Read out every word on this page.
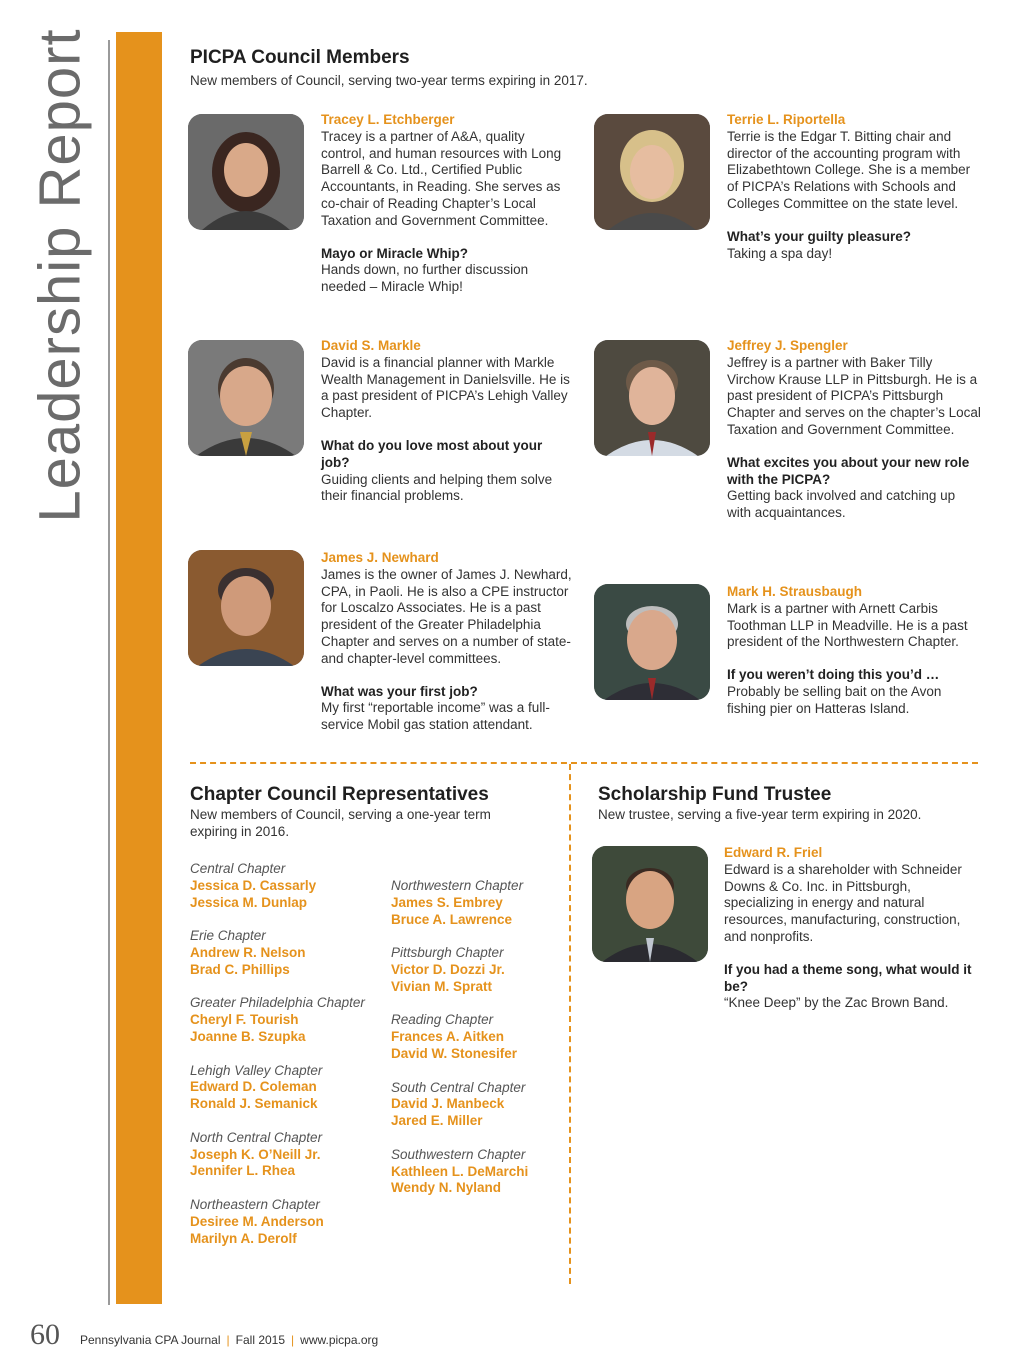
Leadership Report	PICPA Council Members
New members of Council, serving two-year terms expiring in 2017.
Tracey L. Etchberger
Tracey is a partner of A&A, quality control, and human resources with Long Barrell & Co. Ltd., Certified Public Accountants, in Reading. She serves as co-chair of Reading Chapter’s Local Taxation and Government Committee.
Mayo or Miracle Whip?
Hands down, no further discussion needed – Miracle Whip!
Terrie L. Riportella
Terrie is the Edgar T. Bitting chair and director of the accounting program with Elizabethtown College. She is a member of PICPA’s Relations with Schools and Colleges Committee on the state level.
What’s your guilty pleasure?
Taking a spa day!
David S. Markle
David is a financial planner with Markle Wealth Management in Danielsville. He is a past president of PICPA’s Lehigh Valley Chapter.
What do you love most about your job?
Guiding clients and helping them solve their financial problems.
Jeffrey J. Spengler
Jeffrey is a partner with Baker Tilly Virchow Krause LLP in Pittsburgh. He is a past president of PICPA’s Pittsburgh Chapter and serves on the chapter’s Local Taxation and Government Committee.
What excites you about your new role with the PICPA?
Getting back involved and catching up with acquaintances.
James J. Newhard
James is the owner of James J. Newhard, CPA, in Paoli. He is also a CPE instructor for Loscalzo Associates. He is a past president of the Greater Philadelphia Chapter and serves on a number of state- and chapter-level committees.
What was your first job?
My first “reportable income” was a full-service Mobil gas station attendant.
Mark H. Strausbaugh
Mark is a partner with Arnett Carbis Toothman LLP in Meadville. He is a past president of the Northwestern Chapter.
If you weren’t doing this you’d …
Probably be selling bait on the Avon fishing pier on Hatteras Island.
Chapter Council Representatives
New members of Council, serving a one-year term expiring in 2016.
Central Chapter
Jessica D. Cassarly
Jessica M. Dunlap
Erie Chapter
Andrew R. Nelson
Brad C. Phillips
Greater Philadelphia Chapter
Cheryl F. Tourish
Joanne B. Szupka
Lehigh Valley Chapter
Edward D. Coleman
Ronald J. Semanick
North Central Chapter
Joseph K. O’Neill Jr.
Jennifer L. Rhea
Northeastern Chapter
Desiree M. Anderson
Marilyn A. Derolf
Northwestern Chapter
James S. Embrey
Bruce A. Lawrence
Pittsburgh Chapter
Victor D. Dozzi Jr.
Vivian M. Spratt
Reading Chapter
Frances A. Aitken
David W. Stonesifer
South Central Chapter
David J. Manbeck
Jared E. Miller
Southwestern Chapter
Kathleen L. DeMarchi
Wendy N. Nyland
Scholarship Fund Trustee
New trustee, serving a five-year term expiring in 2020.
Edward R. Friel
Edward is a shareholder with Schneider Downs & Co. Inc. in Pittsburgh, specializing in energy and natural resources, manufacturing, construction, and nonprofits.
If you had a theme song, what would it be?
“Knee Deep” by the Zac Brown Band.
60 Pennsylvania CPA Journal | Fall 2015 | www.picpa.org
